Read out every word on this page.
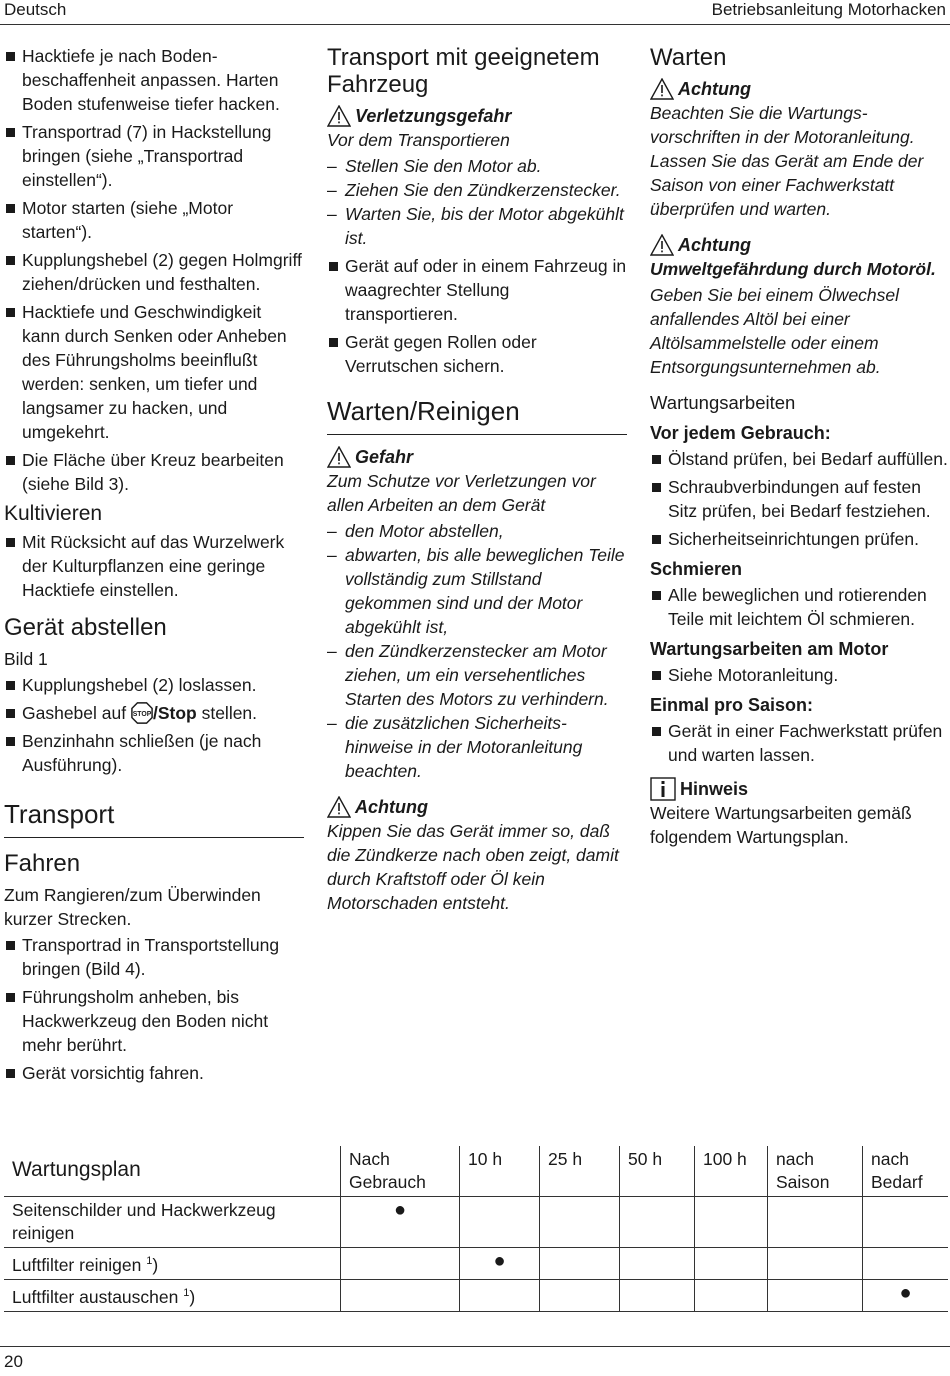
Deutsch	Betriebsanleitung Motorhacken
Hacktiefe je nach Bodenbeschaffenheit anpassen. Harten Boden stufenweise tiefer hacken.
Transportrad (7) in Hackstellung bringen (siehe „Transportrad einstellen“).
Motor starten (siehe „Motor starten“).
Kupplungshebel (2) gegen Holmgriff ziehen/drücken und festhalten.
Hacktiefe und Geschwindigkeit kann durch Senken oder Anheben des Führungsholms beeinflußt werden: senken, um tiefer und langsamer zu hacken, und umgekehrt.
Die Fläche über Kreuz bearbeiten (siehe Bild 3).
Kultivieren
Mit Rücksicht auf das Wurzelwerk der Kulturpflanzen eine geringe Hacktiefe einstellen.
Gerät abstellen
Bild 1
Kupplungshebel (2) loslassen.
Gashebel auf STOP /Stop stellen.
Benzinhahn schließen (je nach Ausführung).
Transport
Fahren
Zum Rangieren/zum Überwinden kurzer Strecken.
Transportrad in Transportstellung bringen (Bild 4).
Führungsholm anheben, bis Hackwerkzeug den Boden nicht mehr berührt.
Gerät vorsichtig fahren.
Transport mit geeignetem Fahrzeug
Verletzungsgefahr
Vor dem Transportieren
– Stellen Sie den Motor ab.
– Ziehen Sie den Zündkerzenstecker.
– Warten Sie, bis der Motor abgekühlt ist.
Gerät auf oder in einem Fahrzeug in waagrechter Stellung transportieren.
Gerät gegen Rollen oder Verrutschen sichern.
Warten/Reinigen
Gefahr
Zum Schutze vor Verletzungen vor allen Arbeiten an dem Gerät
– den Motor abstellen,
– abwarten, bis alle beweglichen Teile vollständig zum Stillstand gekommen sind und der Motor abgekühlt ist,
– den Zündkerzenstecker am Motor ziehen, um ein versehentliches Starten des Motors zu verhindern.
– die zusätzlichen Sicherheitshinweise in der Motoranleitung beachten.
Achtung
Kippen Sie das Gerät immer so, daß die Zündkerze nach oben zeigt, damit durch Kraftstoff oder Öl kein Motorschaden entsteht.
Warten
Achtung
Beachten Sie die Wartungsvorschriften in der Motoranleitung. Lassen Sie das Gerät am Ende der Saison von einer Fachwerkstatt überprüfen und warten.
Achtung
Umweltgefährdung durch Motoröl.
Geben Sie bei einem Ölwechsel anfallendes Altöl bei einer Altölsammelstelle oder einem Entsorgungsunternehmen ab.
Wartungsarbeiten
Vor jedem Gebrauch:
Ölstand prüfen, bei Bedarf auffüllen.
Schraubverbindungen auf festen Sitz prüfen, bei Bedarf festziehen.
Sicherheitseinrichtungen prüfen.
Schmieren
Alle beweglichen und rotierenden Teile mit leichtem Öl schmieren.
Wartungsarbeiten am Motor
Siehe Motoranleitung.
Einmal pro Saison:
Gerät in einer Fachwerkstatt prüfen und warten lassen.
Hinweis
Weitere Wartungsarbeiten gemäß folgendem Wartungsplan.
Wartungsplan	Nach Gebrauch	10 h	25 h	50 h	100 h	nach Saison	nach Bedarf
Seitenschilder und Hackwerkzeug reinigen	●						
Luftfilter reinigen $^1$)		●					
Luftfilter austauschen $^1$)							●
20
